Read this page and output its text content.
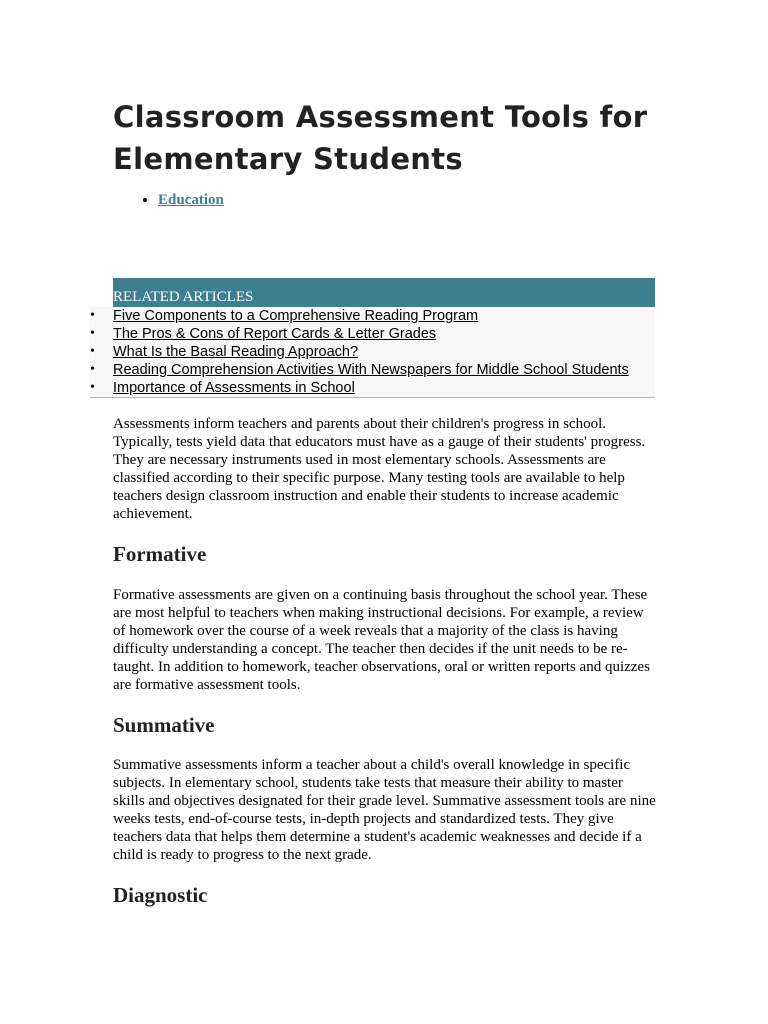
Classroom Assessment Tools for Elementary Students
• Education
RELATED ARTICLES
• Five Components to a Comprehensive Reading Program
• The Pros & Cons of Report Cards & Letter Grades
• What Is the Basal Reading Approach?
• Reading Comprehension Activities With Newspapers for Middle School Students
• Importance of Assessments in School

Assessments inform teachers and parents about their children's progress in school. Typically, tests yield data that educators must have as a gauge of their students' progress. They are necessary instruments used in most elementary schools. Assessments are classified according to their specific purpose. Many testing tools are available to help teachers design classroom instruction and enable their students to increase academic achievement.

Formative

Formative assessments are given on a continuing basis throughout the school year. These are most helpful to teachers when making instructional decisions. For example, a review of homework over the course of a week reveals that a majority of the class is having difficulty understanding a concept. The teacher then decides if the unit needs to be re-taught. In addition to homework, teacher observations, oral or written reports and quizzes are formative assessment tools.

Summative

Summative assessments inform a teacher about a child's overall knowledge in specific subjects. In elementary school, students take tests that measure their ability to master skills and objectives designated for their grade level. Summative assessment tools are nine weeks tests, end-of-course tests, in-depth projects and standardized tests. They give teachers data that helps them determine a student's academic weaknesses and decide if a child is ready to progress to the next grade.

Diagnostic
